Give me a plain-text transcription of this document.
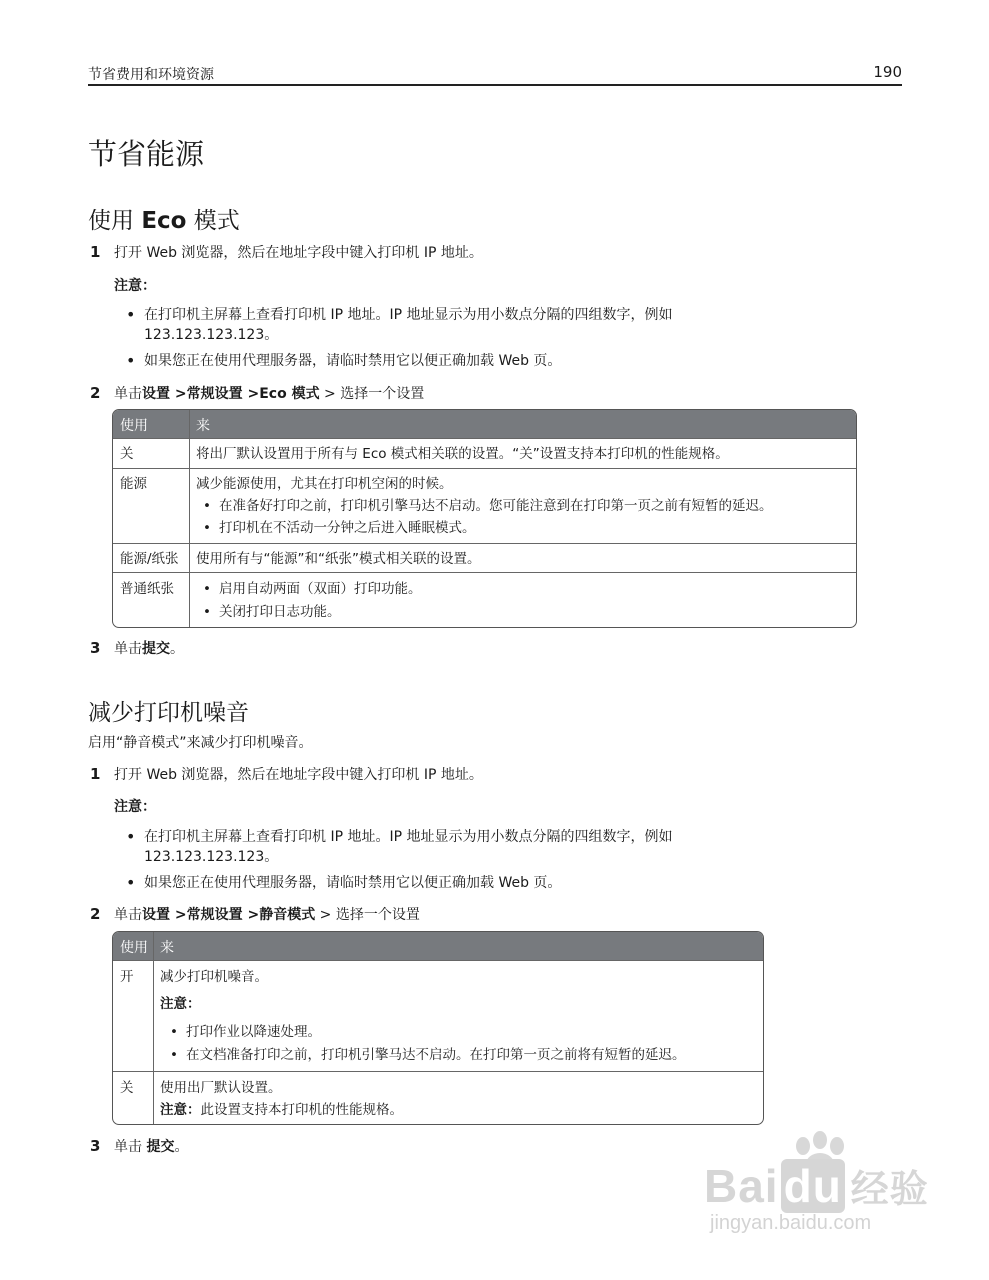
节省费用和环境资源	190
节省能源
使用 Eco 模式
1 打开 Web 浏览器，然后在地址字段中键入打印机 IP 地址。
注意：
• 在打印机主屏幕上查看打印机 IP 地址。IP 地址显示为用小数点分隔的四组数字，例如
123.123.123.123。
• 如果您正在使用代理服务器，请临时禁用它以便正确加载 Web 页。
2 单击设置 >常规设置 >Eco 模式 > 选择一个设置
使用	来
关	将出厂默认设置用于所有与 Eco 模式相关联的设置。“关”设置支持本打印机的性能规格。
能源	减少能源使用，尤其在打印机空闲的时候。
• 在准备好打印之前，打印机引擎马达不启动。您可能注意到在打印第一页之前有短暂的延迟。
• 打印机在不活动一分钟之后进入睡眠模式。
能源/纸张 使用所有与“能源”和“纸张”模式相关联的设置。
普通纸张
•	启用自动两面（双面）打印功能。
• 关闭打印日志功能。
3 单击提交。
减少打印机噪音
启用“静音模式”来减少打印机噪音。
1 打开 Web 浏览器，然后在地址字段中键入打印机 IP 地址。
注意：
• 在打印机主屏幕上查看打印机 IP 地址。IP 地址显示为用小数点分隔的四组数字，例如
123.123.123.123。
• 如果您正在使用代理服务器，请临时禁用它以便正确加载 Web 页。
2 单击设置 >常规设置 >静音模式 > 选择一个设置
使用 来
开 减少打印机噪音。
注意：
• 打印作业以降速处理。
• 在文档准备打印之前，打印机引擎马达不启动。在打印第一页之前将有短暂的延迟。
关 使用出厂默认设置。
注意：此设置支持本打印机的性能规格。
3 单击 提交。
Bai du 经验
jingyan.baidu.com
